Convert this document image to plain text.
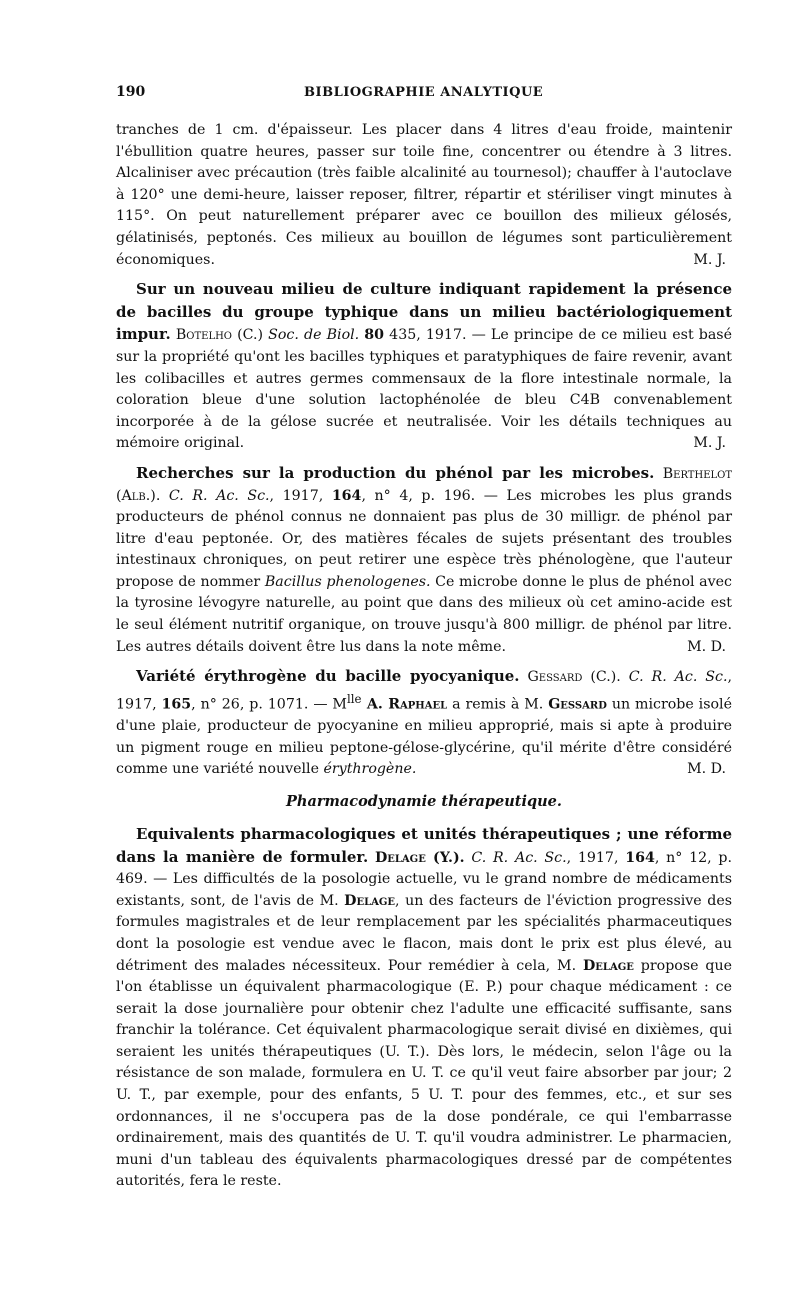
190	BIBLIOGRAPHIE ANALYTIQUE

tranches de 1 cm. d'épaisseur. Les placer dans 4 litres d'eau froide, maintenir l'ébullition quatre heures, passer sur toile fine, concentrer ou étendre à 3 litres. Alcaliniser avec précaution (très faible alcalinité au tournesol); chauffer à l'autoclave à 120° une demi-heure, laisser reposer, filtrer, répartir et stériliser vingt minutes à 115°. On peut naturellement préparer avec ce bouillon des milieux gélosés, gélatinisés, peptonés. Ces milieux au bouillon de légumes sont particulièrement économiques.	M. J.

Sur un nouveau milieu de culture indiquant rapidement la présence de bacilles du groupe typhique dans un milieu bactériologiquement impur. Botelho (C.) Soc. de Biol. 80 435, 1917. — Le principe de ce milieu est basé sur la propriété qu'ont les bacilles typhiques et paratyphiques de faire revenir, avant les colibacilles et autres germes commensaux de la flore intestinale normale, la coloration bleue d'une solution lactophénolée de bleu C4B convenablement incorporée à de la gélose sucrée et neutralisée. Voir les détails techniques au mémoire original.	M. J.

Recherches sur la production du phénol par les microbes. Berthelot (Alb.). C. R. Ac. Sc., 1917, 164, n° 4, p. 196. — Les microbes les plus grands producteurs de phénol connus ne donnaient pas plus de 30 milligr. de phénol par litre d'eau peptonée. Or, des matières fécales de sujets présentant des troubles intestinaux chroniques, on peut retirer une espèce très phénologène, que l'auteur propose de nommer Bacillus phenologenes. Ce microbe donne le plus de phénol avec la tyrosine lévogyre naturelle, au point que dans des milieux où cet amino-acide est le seul élément nutritif organique, on trouve jusqu'à 800 milligr. de phénol par litre. Les autres détails doivent être lus dans la note même.	M. D.

Variété érythrogène du bacille pyocyanique. Gessard (C.). C. R. Ac. Sc., 1917, 165, n° 26, p. 1071. — $M^{lle}$ A. Raphael a remis à M. Gessard un microbe isolé d'une plaie, producteur de pyocyanine en milieu approprié, mais si apte à produire un pigment rouge en milieu peptone-gélose-glycérine, qu'il mérite d'être considéré comme une variété nouvelle érythrogène.	M. D.

Pharmacodynamie thérapeutique.

Equivalents pharmacologiques et unités thérapeutiques ; une réforme dans la manière de formuler. Delage (Y.). C. R. Ac. Sc., 1917, 164, n° 12, p. 469. — Les difficultés de la posologie actuelle, vu le grand nombre de médicaments existants, sont, de l'avis de M. Delage, un des facteurs de l'éviction progressive des formules magistrales et de leur remplacement par les spécialités pharmaceutiques dont la posologie est vendue avec le flacon, mais dont le prix est plus élevé, au détriment des malades nécessiteux. Pour remédier à cela, M. Delage propose que l'on établisse un équivalent pharmacologique (E. P.) pour chaque médicament : ce serait la dose journalière pour obtenir chez l'adulte une efficacité suffisante, sans franchir la tolérance. Cet équivalent pharmacologique serait divisé en dixièmes, qui seraient les unités thérapeutiques (U. T.). Dès lors, le médecin, selon l'âge ou la résistance de son malade, formulera en U. T. ce qu'il veut faire absorber par jour; 2 U. T., par exemple, pour des enfants, 5 U. T. pour des femmes, etc., et sur ses ordonnances, il ne s'occupera pas de la dose pondérale, ce qui l'embarrasse ordinairement, mais des quantités de U. T. qu'il voudra administrer. Le pharmacien, muni d'un tableau des équivalents pharmacologiques dressé par de compétentes autorités, fera le reste.
